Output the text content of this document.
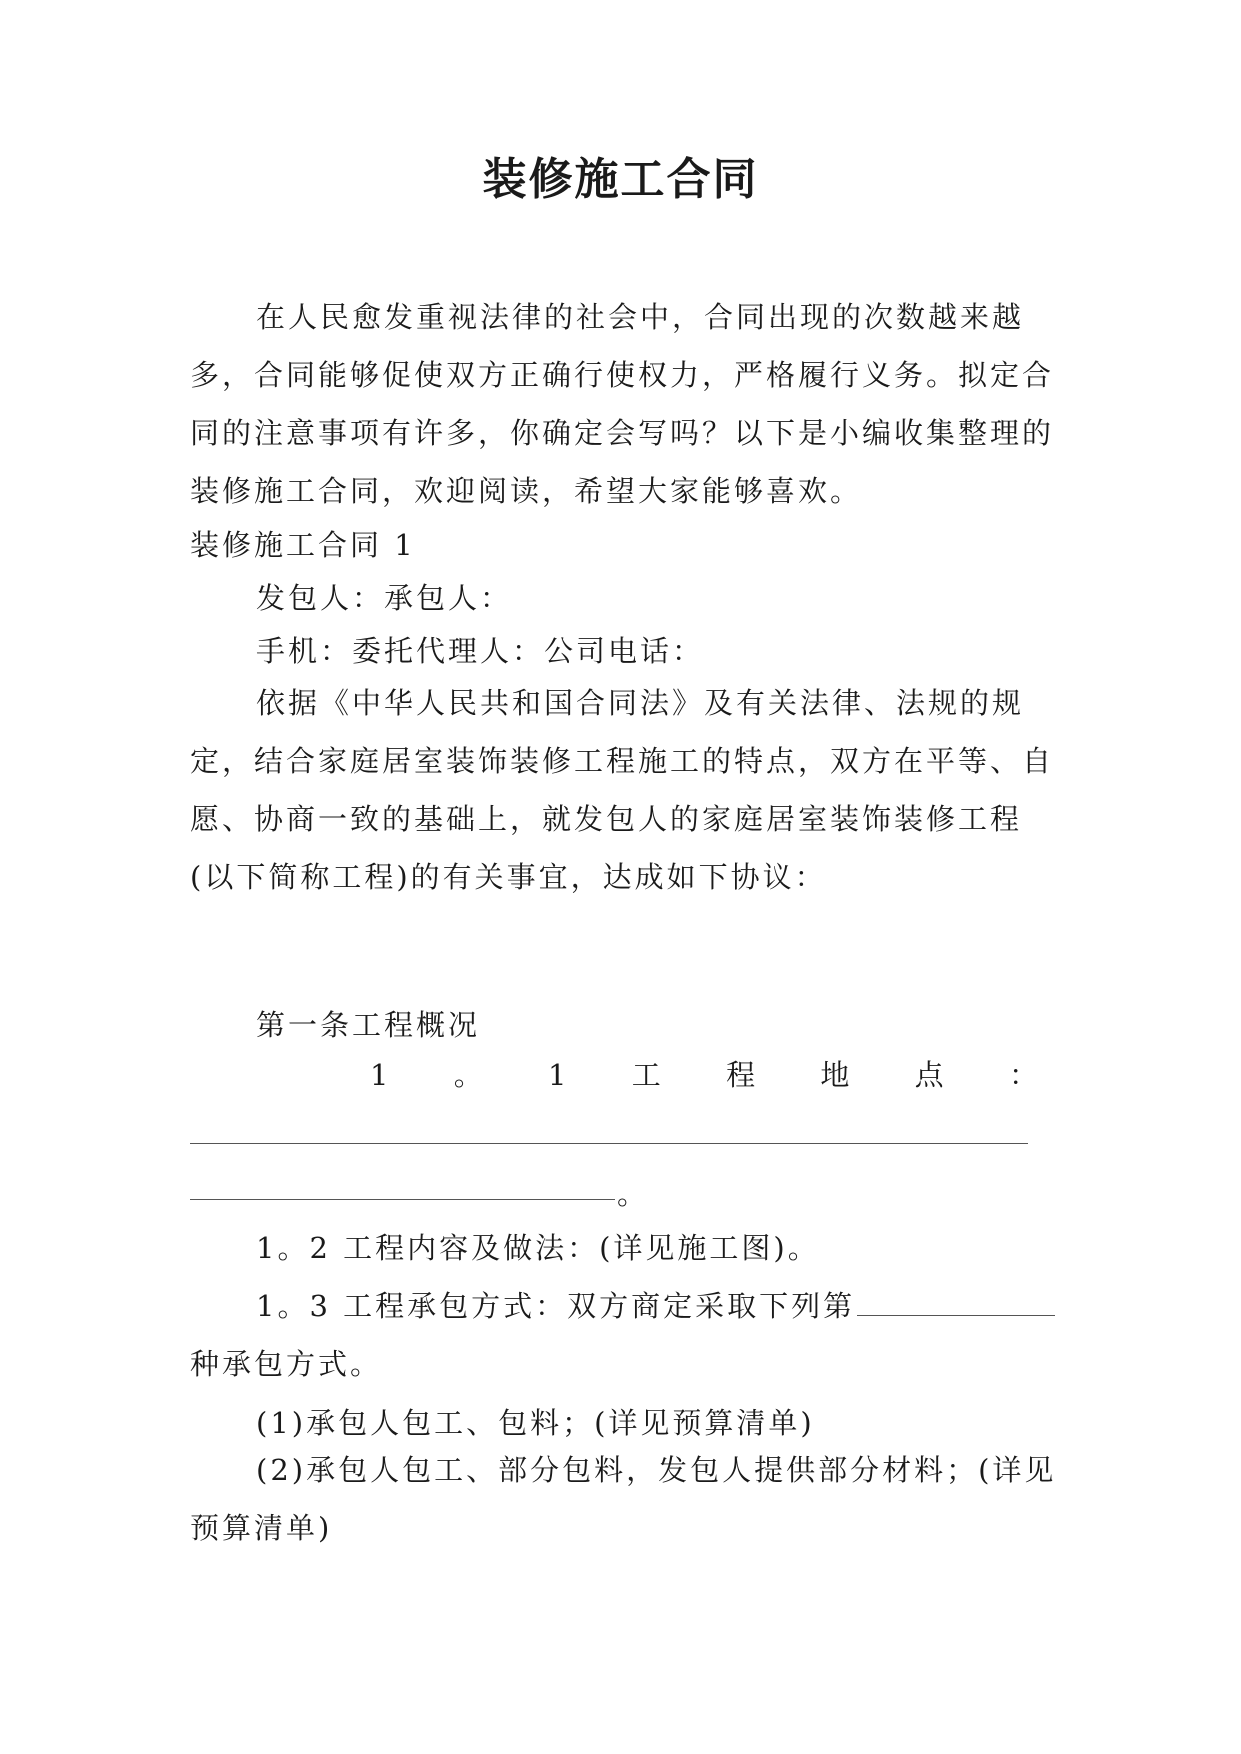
装修施工合同
在人民愈发重视法律的社会中，合同出现的次数越来越多，合同能够促使双方正确行使权力，严格履行义务。拟定合同的注意事项有许多，你确定会写吗？以下是小编收集整理的装修施工合同，欢迎阅读，希望大家能够喜欢。
装修施工合同 1
发包人：承包人：
手机：委托代理人：公司电话：
依据《中华人民共和国合同法》及有关法律、法规的规定，结合家庭居室装饰装修工程施工的特点，双方在平等、自愿、协商一致的基础上，就发包人的家庭居室装饰装修工程(以下简称工程)的有关事宜，达成如下协议：
第一条工程概况
1 。 1 工 程 地 点 ：
。
1。2 工程内容及做法：(详见施工图)。
1。3 工程承包方式：双方商定采取下列第
种承包方式。
(1)承包人包工、包料；(详见预算清单)
(2)承包人包工、部分包料，发包人提供部分材料；(详见预算清单)
